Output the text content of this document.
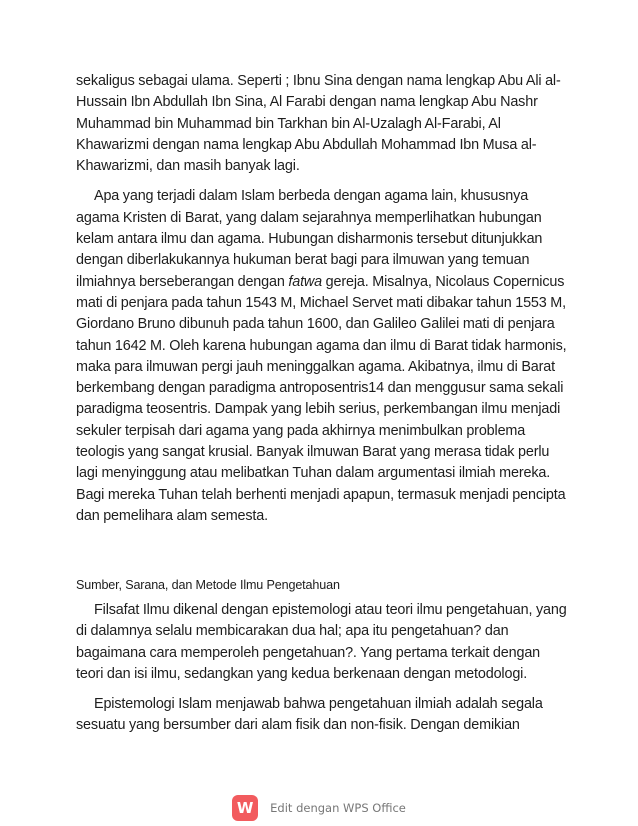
sekaligus sebagai ulama. Seperti ; Ibnu Sina dengan nama lengkap Abu Ali al-Hussain Ibn Abdullah Ibn Sina, Al Farabi dengan nama lengkap Abu Nashr Muhammad bin Muhammad bin Tarkhan bin Al-Uzalagh Al-Farabi, Al Khawarizmi dengan nama lengkap Abu Abdullah Mohammad Ibn Musa al-Khawarizmi, dan masih banyak lagi.

Apa yang terjadi dalam Islam berbeda dengan agama lain, khususnya agama Kristen di Barat, yang dalam sejarahnya memperlihatkan hubungan kelam antara ilmu dan agama. Hubungan disharmonis tersebut ditunjukkan dengan diberlakukannya hukuman berat bagi para ilmuwan yang temuan ilmiahnya berseberangan dengan fatwa gereja. Misalnya, Nicolaus Copernicus mati di penjara pada tahun 1543 M, Michael Servet mati dibakar tahun 1553 M, Giordano Bruno dibunuh pada tahun 1600, dan Galileo Galilei mati di penjara tahun 1642 M. Oleh karena hubungan agama dan ilmu di Barat tidak harmonis, maka para ilmuwan pergi jauh meninggalkan agama. Akibatnya, ilmu di Barat berkembang dengan paradigma antroposentris14 dan menggusur sama sekali paradigma teosentris. Dampak yang lebih serius, perkembangan ilmu menjadi sekuler terpisah dari agama yang pada akhirnya menimbulkan problema teologis yang sangat krusial. Banyak ilmuwan Barat yang merasa tidak perlu lagi menyinggung atau melibatkan Tuhan dalam argumentasi ilmiah mereka. Bagi mereka Tuhan telah berhenti menjadi apapun, termasuk menjadi pencipta dan pemelihara alam semesta.

Sumber, Sarana, dan Metode Ilmu Pengetahuan

Filsafat Ilmu dikenal dengan epistemologi atau teori ilmu pengetahuan, yang di dalamnya selalu membicarakan dua hal; apa itu pengetahuan? dan bagaimana cara memperoleh pengetahuan?. Yang pertama terkait dengan teori dan isi ilmu, sedangkan yang kedua berkenaan dengan metodologi.

Epistemologi Islam menjawab bahwa pengetahuan ilmiah adalah segala sesuatu yang bersumber dari alam fisik dan non-fisik. Dengan demikian

W	Edit dengan WPS Office
